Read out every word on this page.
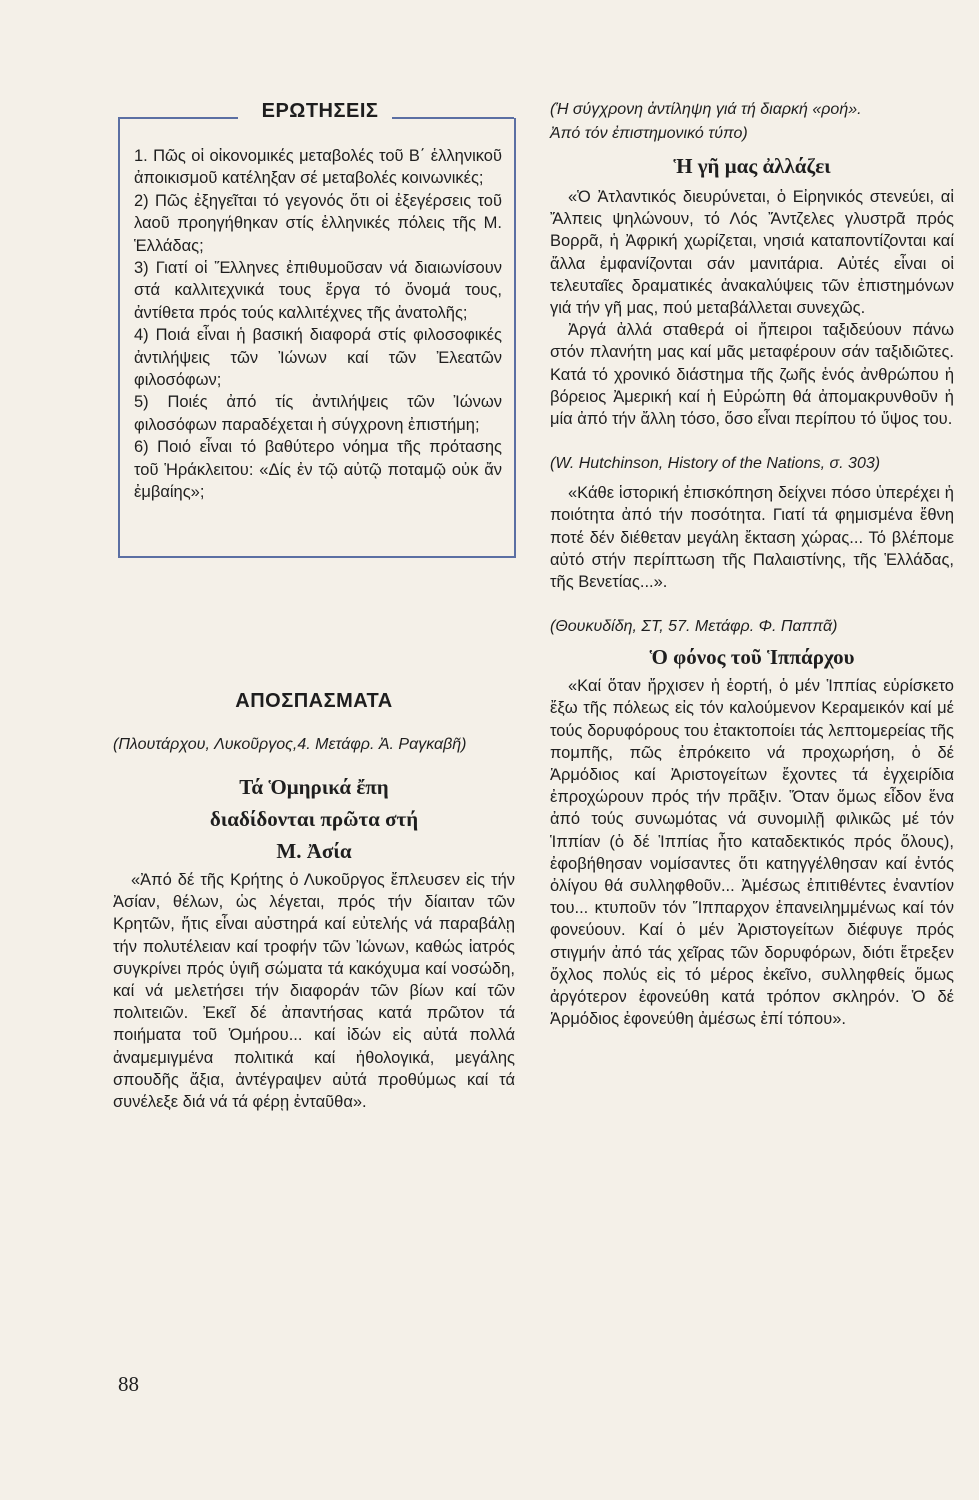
ΕΡΩΤΗΣΕΙΣ

1. Πῶς οἱ οἰκονομικές μεταβολές τοῦ Β΄ ἑλληνικοῦ ἀποικισμοῦ κατέληξαν σέ μεταβολές κοινωνικές;

2) Πῶς ἐξηγεῖται τό γεγονός ὅτι οἱ ἐξεγέρσεις τοῦ λαοῦ προηγήθηκαν στίς ἑλληνικές πόλεις τῆς Μ. Ἑλλάδας;

3) Γιατί οἱ Ἕλληνες ἐπιθυμοῦσαν νά διαιωνίσουν στά καλλιτεχνικά τους ἔργα τό ὄνομά τους, ἀντίθετα πρός τούς καλλιτέχνες τῆς ἀνατολῆς;

4) Ποιά εἶναι ἡ βασική διαφορά στίς φιλοσοφικές ἀντιλήψεις τῶν Ἰώνων καί τῶν Ἐλεατῶν φιλοσόφων;

5) Ποιές ἀπό τίς ἀντιλήψεις τῶν Ἰώνων φιλοσόφων παραδέχεται ἡ σύγχρονη ἐπιστήμη;

6) Ποιό εἶναι τό βαθύτερο νόημα τῆς πρότασης τοῦ Ἡράκλειτου: «Δίς ἐν τῷ αὐτῷ ποταμῷ οὐκ ἄν ἐμβαίης»;

ΑΠΟΣΠΑΣΜΑΤΑ
(Πλουτάρχου, Λυκοῦργος,4. Μετάφρ. Ἀ. Ραγκαβῆ)
Τά Ὁμηρικά ἔπη
διαδίδονται πρῶτα στή
Μ. Ἀσία

«Ἀπό δέ τῆς Κρήτης ὁ Λυκοῦργος ἔπλευσεν εἰς τήν Ἀσίαν, θέλων, ὡς λέγεται, πρός τήν δίαιταν τῶν Κρητῶν, ἥτις εἶναι αὐστηρά καί εὐτελής νά παραβάλῃ τήν πολυτέλειαν καί τροφήν τῶν Ἰώνων, καθώς ἰατρός συγκρίνει πρός ὑγιῆ σώματα τά κακόχυμα καί νοσώδη, καί νά μελετήσει τήν διαφοράν τῶν βίων καί τῶν πολιτειῶν. Ἐκεῖ δέ ἀπαντήσας κατά πρῶτον τά ποιήματα τοῦ Ὁμήρου... καί ἰδών εἰς αὐτά πολλά ἀναμεμιγμένα πολιτικά καί ἠθολογικά, μεγάλης σπουδῆς ἄξια, ἀντέγραψεν αὐτά προθύμως καί τά συνέλεξε διά νά τά φέρῃ ἐνταῦθα».

(Ἡ σύγχρονη ἀντίληψη γιά τή διαρκή «ροή».
Ἀπό τόν ἐπιστημονικό τύπο)
Ἡ γῆ μας ἀλλάζει

«Ὁ Ἀτλαντικός διευρύνεται, ὁ Εἰρηνικός στενεύει, αἱ Ἄλπεις ψηλώνουν, τό Λός Ἄντζελες γλυστρᾶ πρός Βορρᾶ, ἡ Ἀφρική χωρίζεται, νησιά καταποντίζονται καί ἄλλα ἐμφανίζονται σάν μανιτάρια. Αὐτές εἶναι οἱ τελευταῖες δραματικές ἀνακαλύψεις τῶν ἐπιστημόνων γιά τήν γῆ μας, πού μεταβάλλεται συνεχῶς.

Ἀργά ἀλλά σταθερά οἱ ἤπειροι ταξιδεύουν πάνω στόν πλανήτη μας καί μᾶς μεταφέρουν σάν ταξιδιῶτες. Κατά τό χρονικό διάστημα τῆς ζωῆς ἑνός ἀνθρώπου ἡ βόρειος Ἀμερική καί ἡ Εὐρώπη θά ἀπομακρυνθοῦν ἡ μία ἀπό τήν ἄλλη τόσο, ὅσο εἶναι περίπου τό ὕψος του.

(W. Hutchinson, History of the Nations, σ. 303)

«Κάθε ἱστορική ἐπισκόπηση δείχνει πόσο ὑπερέχει ἡ ποιότητα ἀπό τήν ποσότητα. Γιατί τά φημισμένα ἔθνη ποτέ δέν διέθεταν μεγάλη ἔκταση χώρας... Τό βλέπομε αὐτό στήν περίπτωση τῆς Παλαιστίνης, τῆς Ἑλλάδας, τῆς Βενετίας...».

(Θουκυδίδη, ΣΤ, 57. Μετάφρ. Φ. Παππᾶ)
Ὁ φόνος τοῦ Ἱππάρχου

«Καί ὅταν ἤρχισεν ἡ ἑορτή, ὁ μέν Ἱππίας εὑρίσκετο ἔξω τῆς πόλεως εἰς τόν καλούμενον Κεραμεικόν καί μέ τούς δορυφόρους του ἐτακτοποίει τάς λεπτομερείας τῆς πομπῆς, πῶς ἐπρόκειτο νά προχωρήση, ὁ δέ Ἁρμόδιος καί Ἀριστογείτων ἔχοντες τά ἐγχειρίδια ἐπροχώρουν πρός τήν πρᾶξιν. Ὅταν ὅμως εἶδον ἕνα ἀπό τούς συνωμότας νά συνομιλῇ φιλικῶς μέ τόν Ἱππίαν (ὁ δέ Ἱππίας ἦτο καταδεκτικός πρός ὅλους), ἐφοβήθησαν νομίσαντες ὅτι κατηγγέλθησαν καί ἐντός ὀλίγου θά συλληφθοῦν... Ἀμέσως ἐπιτιθέντες ἐναντίον του... κτυποῦν τόν Ἵππαρχον ἐπανειλημμένως καί τόν φονεύουν. Καί ὁ μέν Ἀριστογείτων διέφυγε πρός στιγμήν ἀπό τάς χεῖρας τῶν δορυφόρων, διότι ἔτρεξεν ὄχλος πολύς εἰς τό μέρος ἐκεῖνο, συλληφθείς ὅμως ἀργότερον ἐφονεύθη κατά τρόπον σκληρόν. Ὁ δέ Ἁρμόδιος ἐφονεύθη ἀμέσως ἐπί τόπου».

88
